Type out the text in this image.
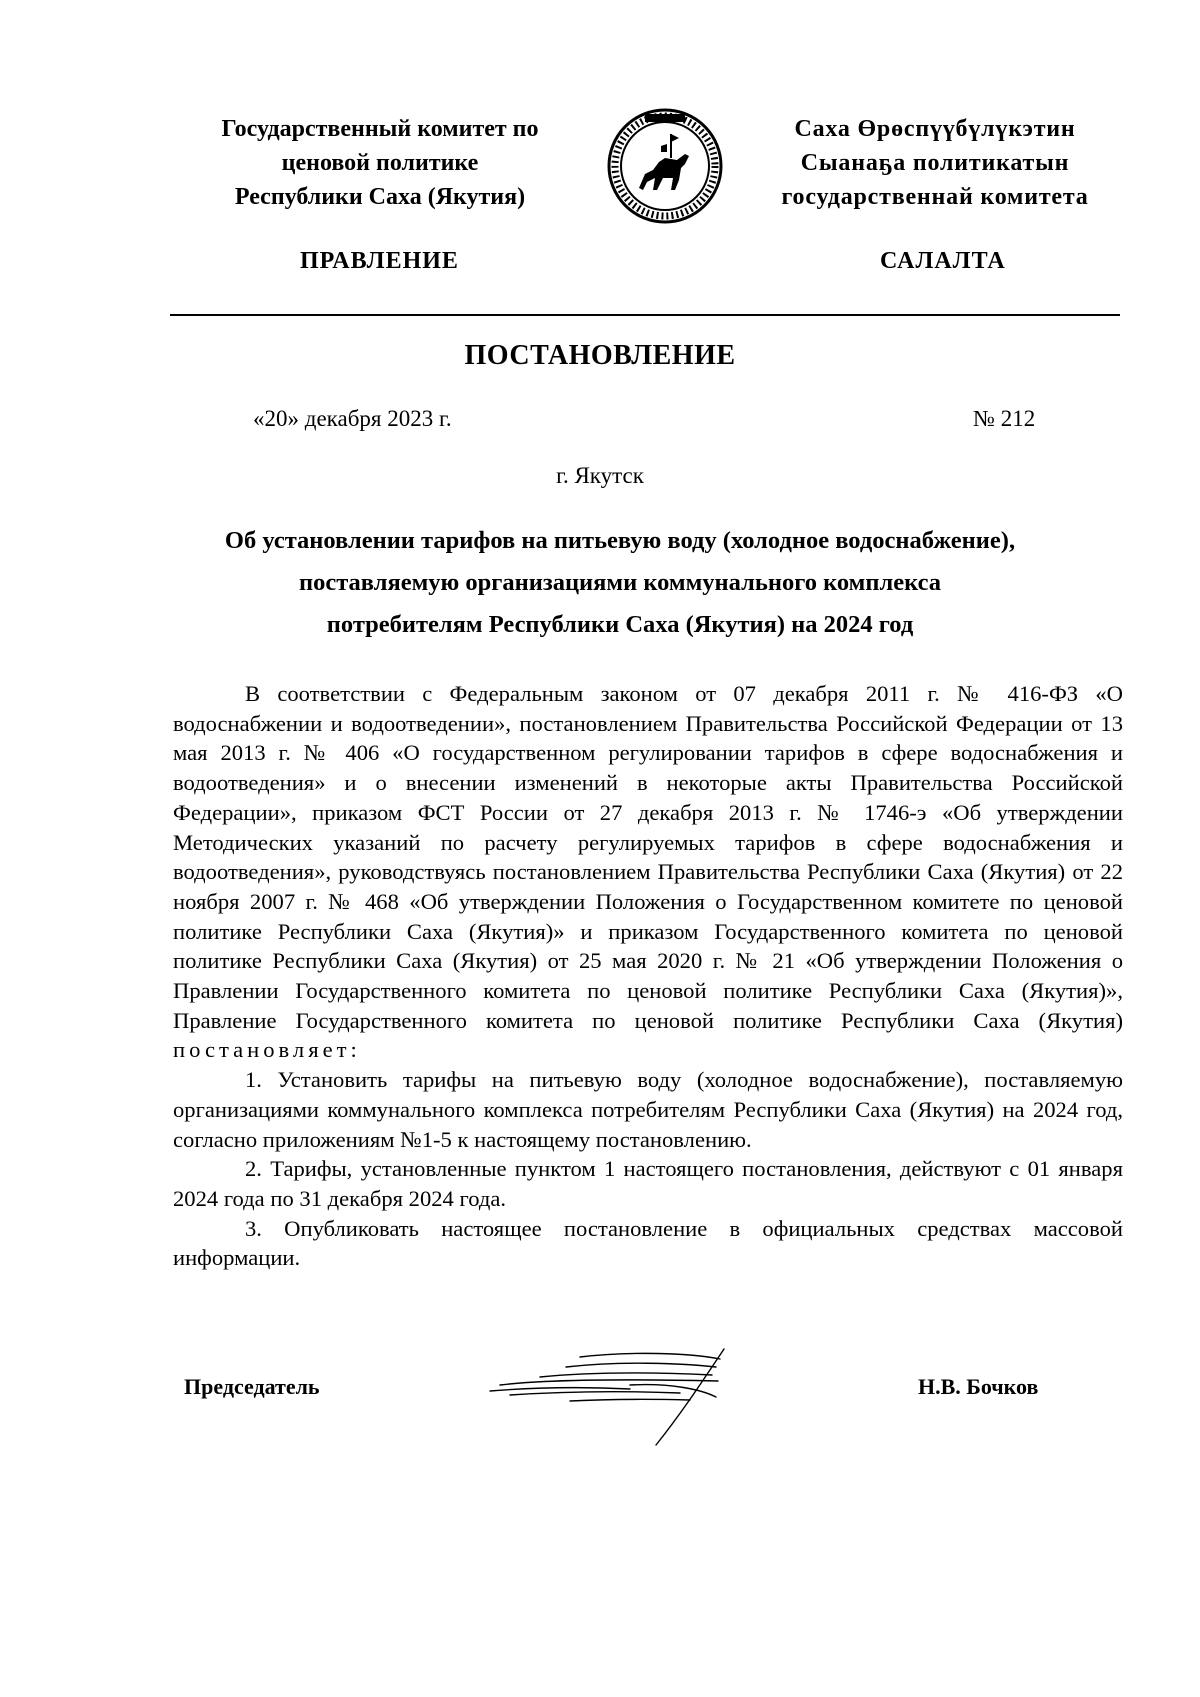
Государственный комитет по
ценовой политике
Республики Саха (Якутия)
Саха Өрөспүүбүлүкэтин
Сыанаҕа политикатын
государственнай комитета
ПРАВЛЕНИЕ	САЛАЛТА
ПОСТАНОВЛЕНИЕ
«20» декабря 2023 г.	№ 212
г. Якутск
Об установлении тарифов на питьевую воду (холодное водоснабжение),
поставляемую организациями коммунального комплекса
потребителям Республики Саха (Якутия) на 2024 год

В соответствии с Федеральным законом от 07 декабря 2011 г. № 416-ФЗ «О водоснабжении и водоотведении», постановлением Правительства Российской Федерации от 13 мая 2013 г. № 406 «О государственном регулировании тарифов в сфере водоснабжения и водоотведения» и о внесении изменений в некоторые акты Правительства Российской Федерации», приказом ФСТ России от 27 декабря 2013 г. № 1746-э «Об утверждении Методических указаний по расчету регулируемых тарифов в сфере водоснабжения и водоотведения», руководствуясь постановлением Правительства Республики Саха (Якутия) от 22 ноября 2007 г. № 468 «Об утверждении Положения о Государственном комитете по ценовой политике Республики Саха (Якутия)» и приказом Государственного комитета по ценовой политике Республики Саха (Якутия) от 25 мая 2020 г. № 21 «Об утверждении Положения о Правлении Государственного комитета по ценовой политике Республики Саха (Якутия)», Правление Государственного комитета по ценовой политике Республики Саха (Якутия) постановляет:

1. Установить тарифы на питьевую воду (холодное водоснабжение), поставляемую организациями коммунального комплекса потребителям Республики Саха (Якутия) на 2024 год, согласно приложениям №1-5 к настоящему постановлению.

2. Тарифы, установленные пунктом 1 настоящего постановления, действуют с 01 января 2024 года по 31 декабря 2024 года.

3. Опубликовать настоящее постановление в официальных средствах массовой информации.

Председатель	Н.В. Бочков
